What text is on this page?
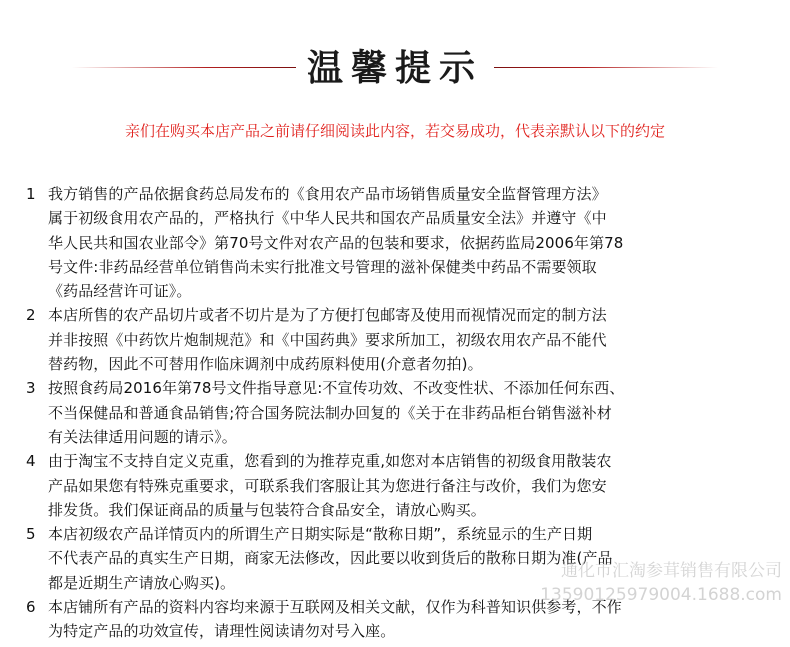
温馨提示
亲们在购买本店产品之前请仔细阅读此内容，若交易成功，代表亲默认以下的约定
1 我方销售的产品依据食药总局发布的《食用农产品市场销售质量安全监督管理方法》
属于初级食用农产品的，严格执行《中华人民共和国农产品质量安全法》并遵守《中
华人民共和国农业部令》第70号文件对农产品的包装和要求，依据药监局2006年第78
号文件:非药品经营单位销售尚未实行批准文号管理的滋补保健类中药品不需要领取
《药品经营许可证》。
2 本店所售的农产品切片或者不切片是为了方便打包邮寄及使用而视情况而定的制方法
并非按照《中药饮片炮制规范》和《中国药典》要求所加工，初级农用农产品不能代
替药物，因此不可替用作临床调剂中成药原料使用(介意者勿拍)。
3 按照食药局2016年第78号文件指导意见:不宣传功效、不改变性状、不添加任何东西、
不当保健品和普通食品销售;符合国务院法制办回复的《关于在非药品柜台销售滋补材
有关法律适用问题的请示》。
4 由于淘宝不支持自定义克重，您看到的为推荐克重,如您对本店销售的初级食用散装农
产品如果您有特殊克重要求，可联系我们客服让其为您进行备注与改价，我们为您安
排发货。我们保证商品的质量与包装符合食品安全，请放心购买。
5 本店初级农产品详情页内的所谓生产日期实际是“散称日期”，系统显示的生产日期
不代表产品的真实生产日期，商家无法修改，因此要以收到货后的散称日期为准(产品
都是近期生产请放心购买)。
6 本店铺所有产品的资料内容均来源于互联网及相关文献，仅作为科普知识供参考，不作
为特定产品的功效宣传，请理性阅读请勿对号入座。
通化市汇淘参茸销售有限公司
13590125979004.1688.com
